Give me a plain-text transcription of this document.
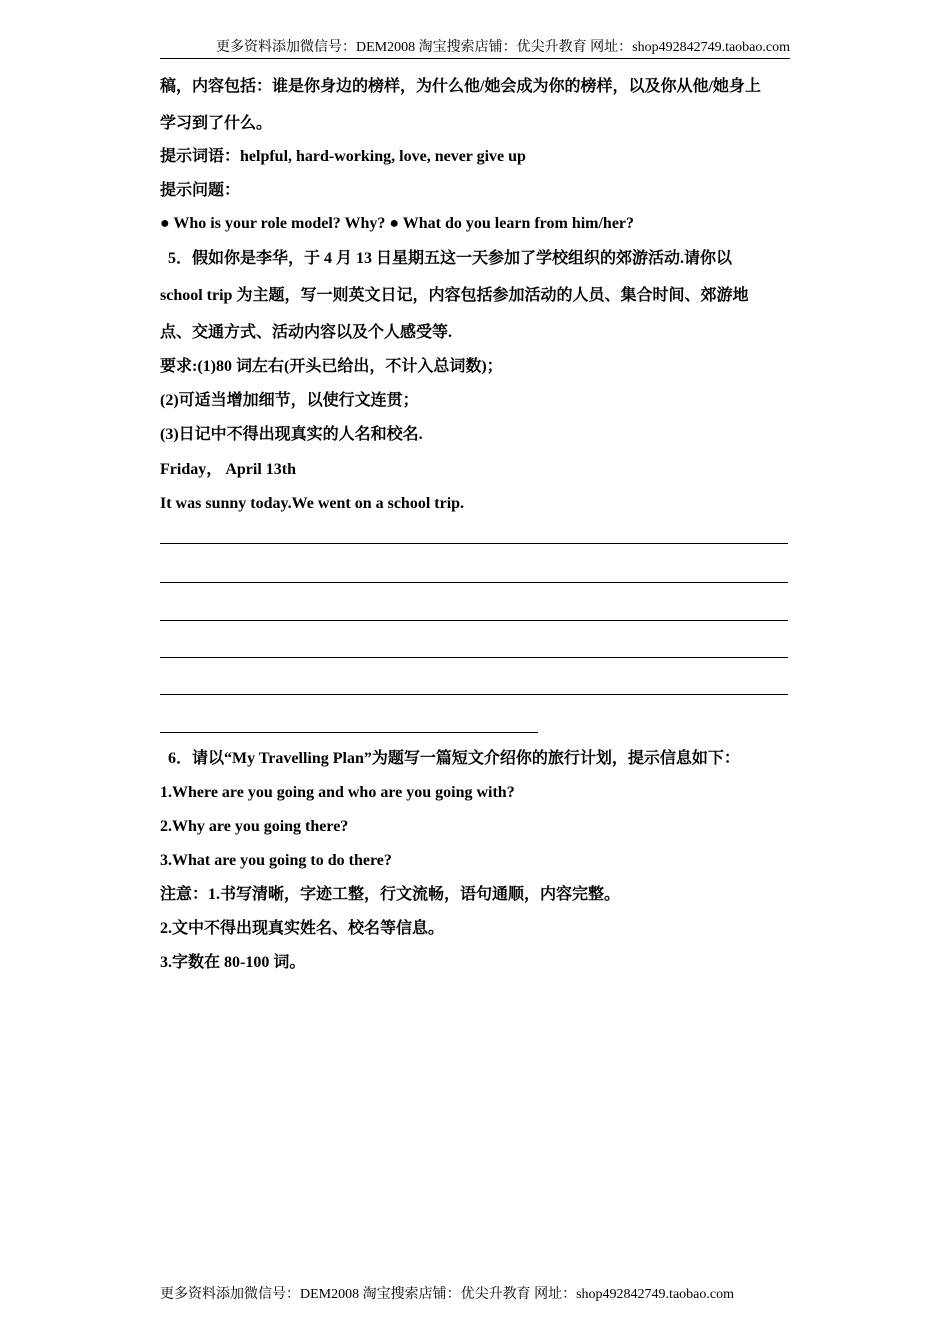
更多资料添加微信号：DEM2008 淘宝搜索店铺：优尖升教育 网址：shop492842749.taobao.com
稿，内容包括：谁是你身边的榜样，为什么他/她会成为你的榜样，以及你从他/她身上
学习到了什么。
提示词语：helpful, hard-working, love, never give up
提示问题：
● Who is your role model? Why? ● What do you learn from him/her?
5．假如你是李华，于 4 月 13 日星期五这一天参加了学校组织的郊游活动.请你以
school trip 为主题，写一则英文日记，内容包括参加活动的人员、集合时间、郊游地
点、交通方式、活动内容以及个人感受等.
要求:(1)80 词左右(开头已给出，不计入总词数)；
(2)可适当增加细节，以使行文连贯；
(3)日记中不得出现真实的人名和校名.
Friday， April 13th
It was sunny today.We went on a school trip.
6．请以“My Travelling Plan”为题写一篇短文介绍你的旅行计划，提示信息如下：
1.Where are you going and who are you going with?
2.Why are you going there?
3.What are you going to do there?
注意：1.书写清晰，字迹工整，行文流畅，语句通顺，内容完整。
2.文中不得出现真实姓名、校名等信息。
3.字数在 80-100 词。
更多资料添加微信号：DEM2008 淘宝搜索店铺：优尖升教育 网址：shop492842749.taobao.com
